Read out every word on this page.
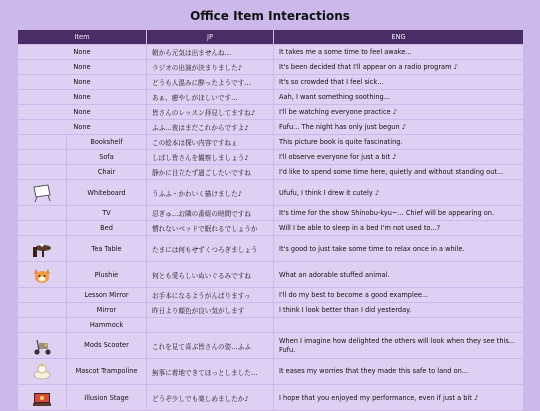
Office Item Interactions
Item		JP	ENG
None		朝から元気は出ませんね…	It takes me a some time to feel awake...
None		ラジオの出演が決まりました♪	It's been decided that I'll appear on a radio program ♪
None		どうも人混みに酔ったようです…	It's so crowded that I feel sick...
None		あぁ、癒やしがほしいです…	Aah, I want something soothing...
None		皆さんのレッスン拝見してますね♪	I'll be watching everyone practice ♪
None		ふふ…夜はまだこれからですよ♪	Fufu... The night has only just begun ♪
	Bookshelf	この絵本は探い内容ですねぇ	This picture book is quite fascinating.
	Sofa	しばし皆さんを観察しましょう♪	I'll observe everyone for just a bit ♪
	Chair	静かに目立たず過ごしたいですね	I'd like to spend some time here, quietly and without standing out...

	Whiteboard	うふふ・かわいく描けました♪	Ufufu, I think I drew it cutely ♪
	TV	忍ぎゅ…お隣の番組の時間ですね	It's time for the show Shinobu-kyu~... Chief will be appearing on.
	Bed	慣れないベッドで眠れるでしょうか	Will I be able to sleep in a bed I'm not used to...?

	Tea Table	たまには何もせずくつろぎましょう	It's good to just take some time to relax once in a while.

	Plushie	何とも愛らしいぬいぐるみですね	What an adorable stuffed animal.
	Lesson Mirror	お手本になるようがんばりますっ	I'll do my best to become a good examplee...
	Mirror	昨日より顔色が良い気がします	I think I look better than I did yesterday.
	Hammock		

	Mods Scooter	これを見て喜ぶ皆さんの姿…ふふ	When I imagine how delighted the others will look when they see this... Fufu.

	Mascot Trampoline	無事に着地できてほっとしました…	It eases my worries that they made this safe to land on...

	Illusion Stage	どうぞ少しでも楽しめましたか♪	I hope that you enjoyed my performance, even if just a bit ♪
